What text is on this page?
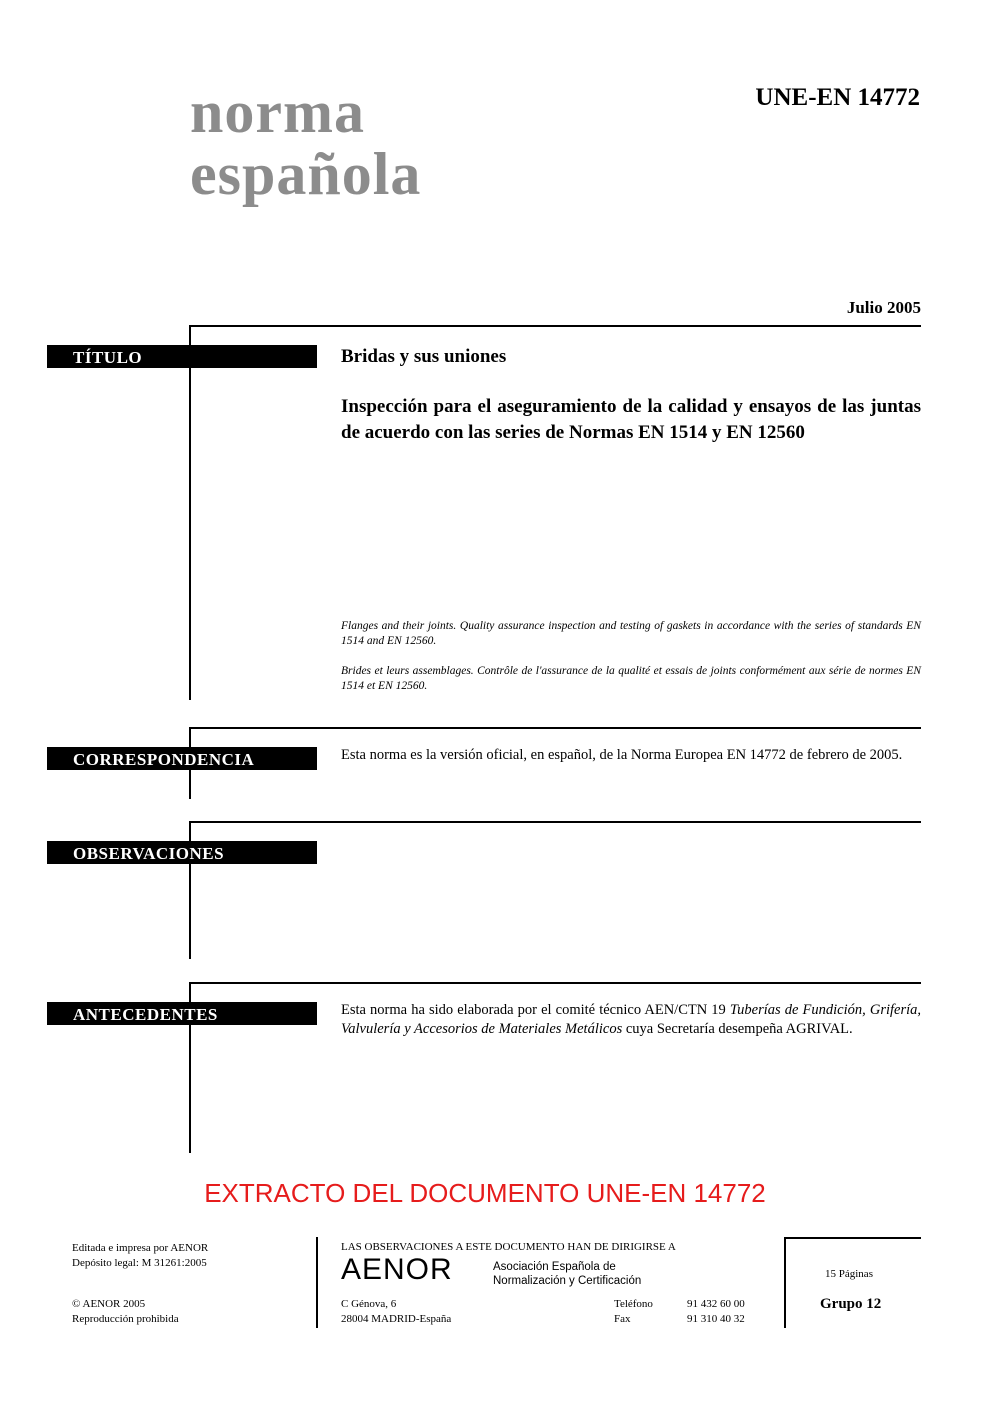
norma
española
UNE-EN 14772
Julio 2005
TÍTULO	Bridas y sus uniones
Inspección para el aseguramiento de la calidad y ensayos de las juntas de acuerdo con las series de Normas EN 1514 y EN 12560
Flanges and their joints. Quality assurance inspection and testing of gaskets in accordance with the series of standards EN 1514 and EN 12560.
Brides et leurs assemblages. Contrôle de l'assurance de la qualité et essais de joints conformément aux série de normes EN 1514 et EN 12560.
CORRESPONDENCIA	Esta norma es la versión oficial, en español, de la Norma Europea EN 14772 de febrero de 2005.
OBSERVACIONES
ANTECEDENTES	Esta norma ha sido elaborada por el comité técnico AEN/CTN 19 Tuberías de Fundición, Grifería, Valvulería y Accesorios de Materiales Metálicos cuya Secretaría desempeña AGRIVAL.
EXTRACTO DEL DOCUMENTO UNE-EN 14772
Editada e impresa por AENOR
Depósito legal: M 31261:2005
© AENOR 2005
Reproducción prohibida
LAS OBSERVACIONES A ESTE DOCUMENTO HAN DE DIRIGIRSE A
AENOR	Asociación Española de
Normalización y Certificación
C Génova, 6
28004 MADRID-España
Teléfono	91 432 60 00
Fax	91 310 40 32
15 Páginas
Grupo 12
